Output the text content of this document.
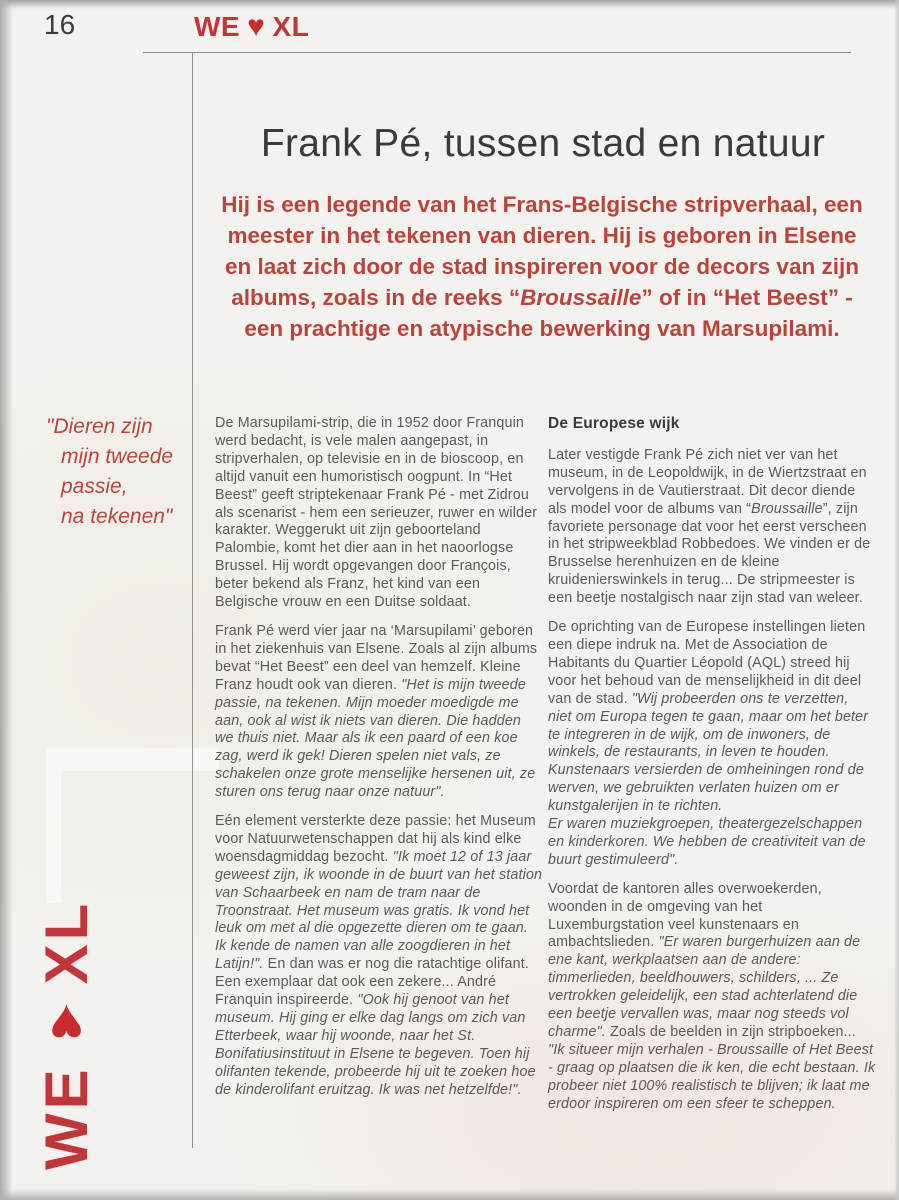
16	WE ♥ XL
Frank Pé, tussen stad en natuur

Hij is een legende van het Frans-Belgische stripverhaal, een meester in het tekenen van dieren. Hij is geboren in Elsene en laat zich door de stad inspireren voor de decors van zijn albums, zoals in de reeks “Broussaille” of in “Het Beest” - een prachtige en atypische bewerking van Marsupilami.

"Dieren zijn
mijn tweede
passie,
na tekenen"

De Marsupilami-strip, die in 1952 door Franquin werd bedacht, is vele malen aangepast, in stripverhalen, op televisie en in de bioscoop, en altijd vanuit een humoristisch oogpunt. In “Het Beest” geeft striptekenaar Frank Pé - met Zidrou als scenarist - hem een serieuzer, ruwer en wilder karakter. Weggerukt uit zijn geboorteland Palombie, komt het dier aan in het naoorlogse Brussel. Hij wordt opgevangen door François, beter bekend als Franz, het kind van een Belgische vrouw en een Duitse soldaat.

Frank Pé werd vier jaar na ‘Marsupilami’ geboren in het ziekenhuis van Elsene. Zoals al zijn albums bevat “Het Beest” een deel van hemzelf. Kleine Franz houdt ook van dieren. "Het is mijn tweede passie, na tekenen. Mijn moeder moedigde me aan, ook al wist ik niets van dieren. Die hadden we thuis niet. Maar als ik een paard of een koe zag, werd ik gek! Dieren spelen niet vals, ze schakelen onze grote menselijke hersenen uit, ze sturen ons terug naar onze natuur".

Eén element versterkte deze passie: het Museum voor Natuurwetenschappen dat hij als kind elke woensdagmiddag bezocht. "Ik moet 12 of 13 jaar geweest zijn, ik woonde in de buurt van het station van Schaarbeek en nam de tram naar de Troonstraat. Het museum was gratis. Ik vond het leuk om met al die opgezette dieren om te gaan. Ik kende de namen van alle zoogdieren in het Latijn!". En dan was er nog die ratachtige olifant. Een exemplaar dat ook een zekere... André Franquin inspireerde. "Ook hij genoot van het museum. Hij ging er elke dag langs om zich van Etterbeek, waar hij woonde, naar het St. Bonifatiusinstituut in Elsene te begeven. Toen hij olifanten tekende, probeerde hij uit te zoeken hoe de kinderolifant eruitzag. Ik was net hetzelfde!".

De Europese wijk

Later vestigde Frank Pé zich niet ver van het museum, in de Leopoldwijk, in de Wiertzstraat en vervolgens in de Vautierstraat. Dit decor diende als model voor de albums van “Broussaille”, zijn favoriete personage dat voor het eerst verscheen in het stripweekblad Robbedoes. We vinden er de Brusselse herenhuizen en de kleine kruidenierswinkels in terug... De stripmeester is een beetje nostalgisch naar zijn stad van weleer.

De oprichting van de Europese instellingen lieten een diepe indruk na. Met de Association de Habitants du Quartier Léopold (AQL) streed hij voor het behoud van de menselijkheid in dit deel van de stad. "Wij probeerden ons te verzetten, niet om Europa tegen te gaan, maar om het beter te integreren in de wijk, om de inwoners, de winkels, de restaurants, in leven te houden. Kunstenaars versierden de omheiningen rond de werven, we gebruikten verlaten huizen om er kunstgalerijen in te richten.
Er waren muziekgroepen, theatergezelschappen en kinderkoren. We hebben de creativiteit van de buurt gestimuleerd".

Voordat de kantoren alles overwoekerden, woonden in de omgeving van het Luxemburgstation veel kunstenaars en ambachtslieden. "Er waren burgerhuizen aan de ene kant, werkplaatsen aan de andere: timmerlieden, beeldhouwers, schilders, ... Ze vertrokken geleidelijk, een stad achterlatend die een beetje vervallen was, maar nog steeds vol charme". Zoals de beelden in zijn stripboeken... "Ik situeer mijn verhalen - Broussaille of Het Beest - graag op plaatsen die ik ken, die echt bestaan. Ik probeer niet 100% realistisch te blijven; ik laat me erdoor inspireren om een sfeer te scheppen.

WE♥XL
